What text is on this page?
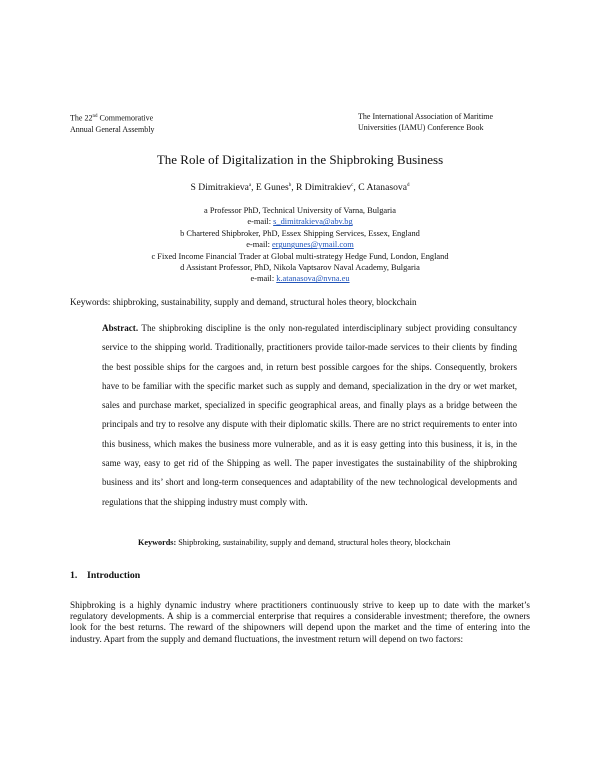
The 22nd Commemorative
Annual General Assembly
The International Association of Maritime
Universities (IAMU) Conference Book
The Role of Digitalization in the Shipbroking Business
S Dimitrakieva$^a$, E Gunes$^b$, R Dimitrakiev$^c$, C Atanasova$^d$
a Professor PhD, Technical University of Varna, Bulgaria
e-mail: s_dimitrakieva@abv.bg
b Chartered Shipbroker, PhD, Essex Shipping Services, Essex, England
e-mail: ergungunes@ymail.com
c Fixed Income Financial Trader at Global multi-strategy Hedge Fund, London, England
d Assistant Professor, PhD, Nikola Vaptsarov Naval Academy, Bulgaria
e-mail: k.atanasova@nvna.eu
Keywords: shipbroking, sustainability, supply and demand, structural holes theory, blockchain
Abstract. The shipbroking discipline is the only non-regulated interdisciplinary subject providing consultancy service to the shipping world. Traditionally, practitioners provide tailor-made services to their clients by finding the best possible ships for the cargoes and, in return best possible cargoes for the ships. Consequently, brokers have to be familiar with the specific market such as supply and demand, specialization in the dry or wet market, sales and purchase market, specialized in specific geographical areas, and finally plays as a bridge between the principals and try to resolve any dispute with their diplomatic skills. There are no strict requirements to enter into this business, which makes the business more vulnerable, and as it is easy getting into this business, it is, in the same way, easy to get rid of the Shipping as well. The paper investigates the sustainability of the shipbroking business and its’ short and long-term consequences and adaptability of the new technological developments and regulations that the shipping industry must comply with.
Keywords: Shipbroking, sustainability, supply and demand, structural holes theory, blockchain
1. Introduction
Shipbroking is a highly dynamic industry where practitioners continuously strive to keep up to date with the market’s regulatory developments. A ship is a commercial enterprise that requires a considerable investment; therefore, the owners look for the best returns. The reward of the shipowners will depend upon the market and the time of entering into the industry. Apart from the supply and demand fluctuations, the investment return will depend on two factors:
